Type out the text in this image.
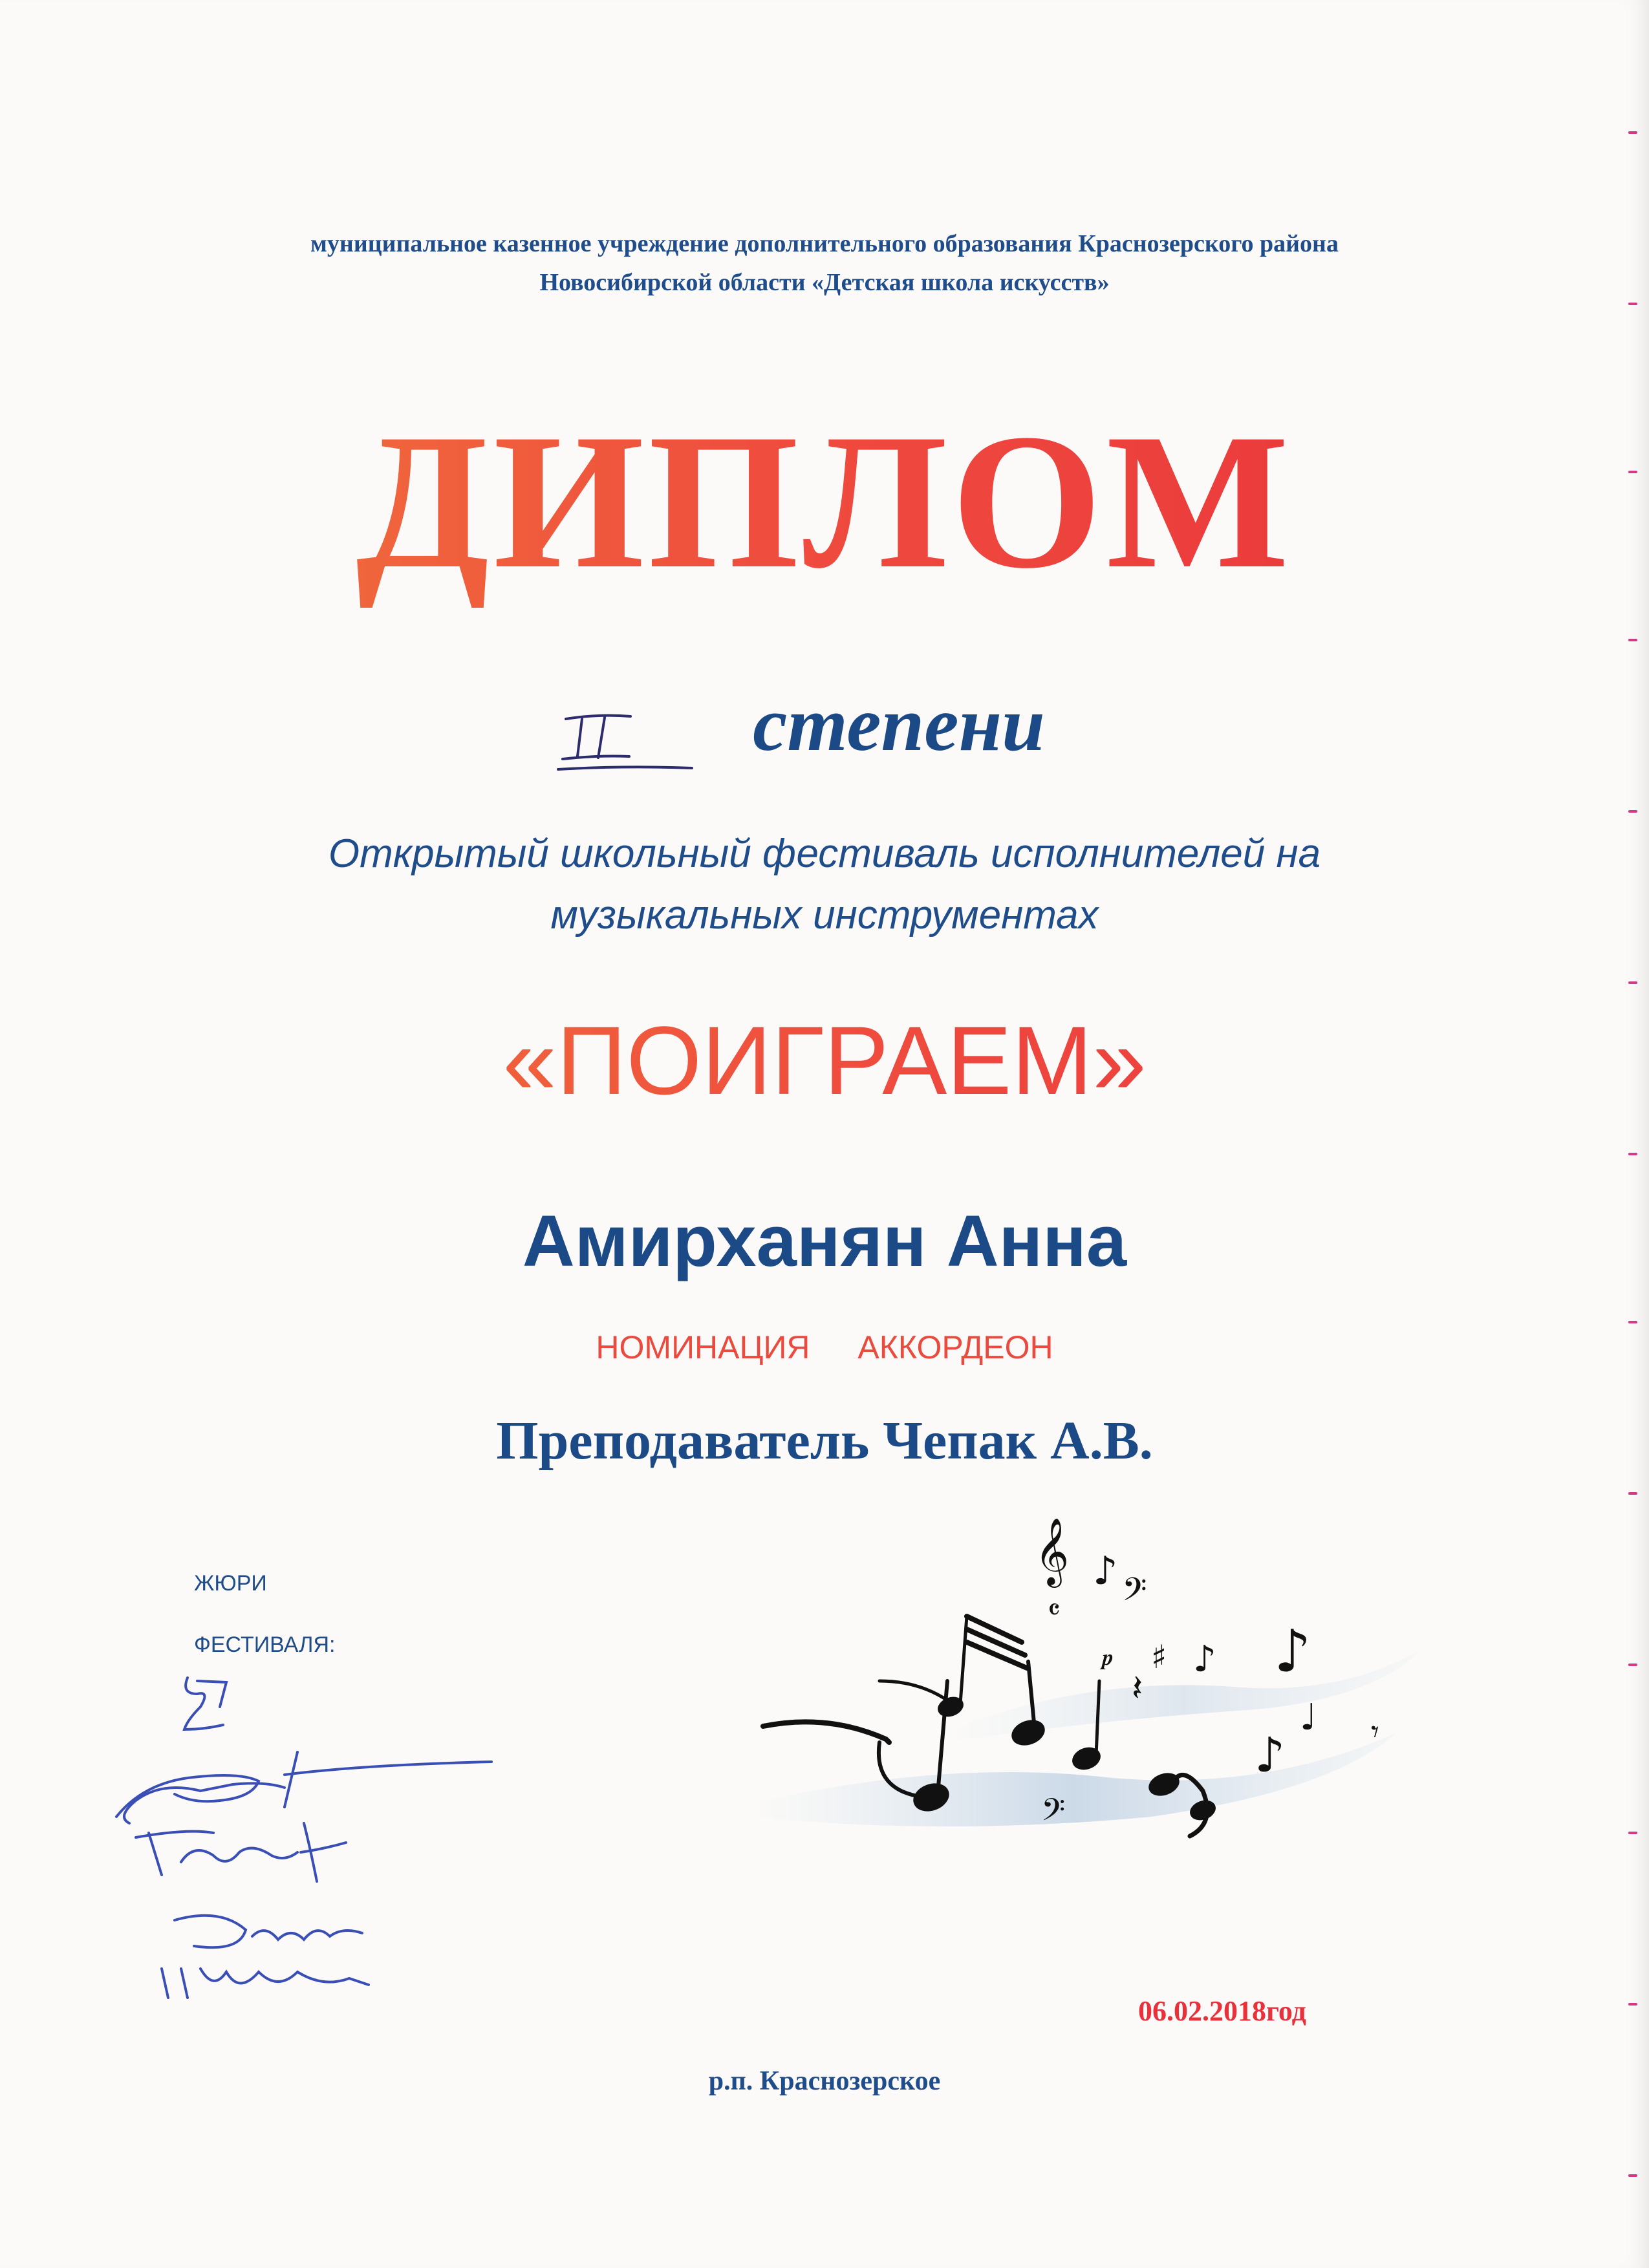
муниципальное казенное учреждение дополнительного образования Краснозерского района
Новосибирской области «Детская школа искусств»
ДИПЛОМ
степени
Открытый школьный фестиваль исполнителей на
музыкальных инструментах
«ПОИГРАЕМ»
Амирханян Анна
НОМИНАЦИЯ АККОРДЕОН
Преподаватель Чепак А.В.
ЖЮРИ
ФЕСТИВАЛЯ:
𝄞 ♪ 𝄢
𝄴
♯ ♪
𝆏
𝄽
♪
♩
♪	𝄾
𝄢
06.02.2018год
р.п. Краснозерское
